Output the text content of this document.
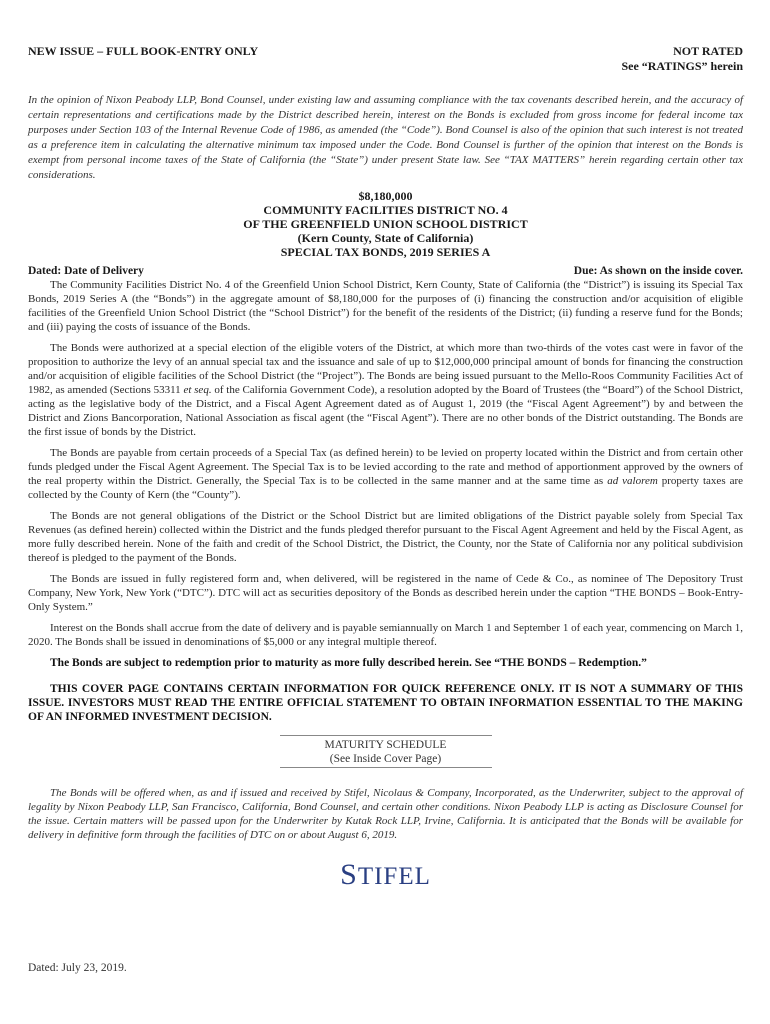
NEW ISSUE – FULL BOOK-ENTRY ONLY	NOT RATED
See “RATINGS” herein

In the opinion of Nixon Peabody LLP, Bond Counsel, under existing law and assuming compliance with the tax covenants described herein, and the accuracy of certain representations and certifications made by the District described herein, interest on the Bonds is excluded from gross income for federal income tax purposes under Section 103 of the Internal Revenue Code of 1986, as amended (the “Code”). Bond Counsel is also of the opinion that such interest is not treated as a preference item in calculating the alternative minimum tax imposed under the Code. Bond Counsel is further of the opinion that interest on the Bonds is exempt from personal income taxes of the State of California (the “State”) under present State law. See “TAX MATTERS” herein regarding certain other tax considerations.

$8,180,000
COMMUNITY FACILITIES DISTRICT NO. 4
OF THE GREENFIELD UNION SCHOOL DISTRICT
(Kern County, State of California)
SPECIAL TAX BONDS, 2019 SERIES A
Dated: Date of Delivery	Due: As shown on the inside cover.

The Community Facilities District No. 4 of the Greenfield Union School District, Kern County, State of California (the “District”) is issuing its Special Tax Bonds, 2019 Series A (the “Bonds”) in the aggregate amount of $8,180,000 for the purposes of (i) financing the construction and/or acquisition of eligible facilities of the Greenfield Union School District (the “School District”) for the benefit of the residents of the District; (ii) funding a reserve fund for the Bonds; and (iii) paying the costs of issuance of the Bonds.

The Bonds were authorized at a special election of the eligible voters of the District, at which more than two-thirds of the votes cast were in favor of the proposition to authorize the levy of an annual special tax and the issuance and sale of up to $12,000,000 principal amount of bonds for financing the construction and/or acquisition of eligible facilities of the School District (the “Project”). The Bonds are being issued pursuant to the Mello-Roos Community Facilities Act of 1982, as amended (Sections 53311 et seq. of the California Government Code), a resolution adopted by the Board of Trustees (the “Board”) of the School District, acting as the legislative body of the District, and a Fiscal Agent Agreement dated as of August 1, 2019 (the “Fiscal Agent Agreement”) by and between the District and Zions Bancorporation, National Association as fiscal agent (the “Fiscal Agent”). There are no other bonds of the District outstanding. The Bonds are the first issue of bonds by the District.

The Bonds are payable from certain proceeds of a Special Tax (as defined herein) to be levied on property located within the District and from certain other funds pledged under the Fiscal Agent Agreement. The Special Tax is to be levied according to the rate and method of apportionment approved by the owners of the real property within the District. Generally, the Special Tax is to be collected in the same manner and at the same time as ad valorem property taxes are collected by the County of Kern (the “County”).

The Bonds are not general obligations of the District or the School District but are limited obligations of the District payable solely from Special Tax Revenues (as defined herein) collected within the District and the funds pledged therefor pursuant to the Fiscal Agent Agreement and held by the Fiscal Agent, as more fully described herein. None of the faith and credit of the School District, the District, the County, nor the State of California nor any political subdivision thereof is pledged to the payment of the Bonds.

The Bonds are issued in fully registered form and, when delivered, will be registered in the name of Cede & Co., as nominee of The Depository Trust Company, New York, New York (“DTC”). DTC will act as securities depository of the Bonds as described herein under the caption “THE BONDS – Book-Entry-Only System.”

Interest on the Bonds shall accrue from the date of delivery and is payable semiannually on March 1 and September 1 of each year, commencing on March 1, 2020. The Bonds shall be issued in denominations of $5,000 or any integral multiple thereof.

The Bonds are subject to redemption prior to maturity as more fully described herein. See “THE BONDS – Redemption.”

THIS COVER PAGE CONTAINS CERTAIN INFORMATION FOR QUICK REFERENCE ONLY. IT IS NOT A SUMMARY OF THIS ISSUE. INVESTORS MUST READ THE ENTIRE OFFICIAL STATEMENT TO OBTAIN INFORMATION ESSENTIAL TO THE MAKING OF AN INFORMED INVESTMENT DECISION.

MATURITY SCHEDULE
(See Inside Cover Page)

The Bonds will be offered when, as and if issued and received by Stifel, Nicolaus & Company, Incorporated, as the Underwriter, subject to the approval of legality by Nixon Peabody LLP, San Francisco, California, Bond Counsel, and certain other conditions. Nixon Peabody LLP is acting as Disclosure Counsel for the issue. Certain matters will be passed upon for the Underwriter by Kutak Rock LLP, Irvine, California. It is anticipated that the Bonds will be available for delivery in definitive form through the facilities of DTC on or about August 6, 2019.

STIFEL
Dated: July 23, 2019.
